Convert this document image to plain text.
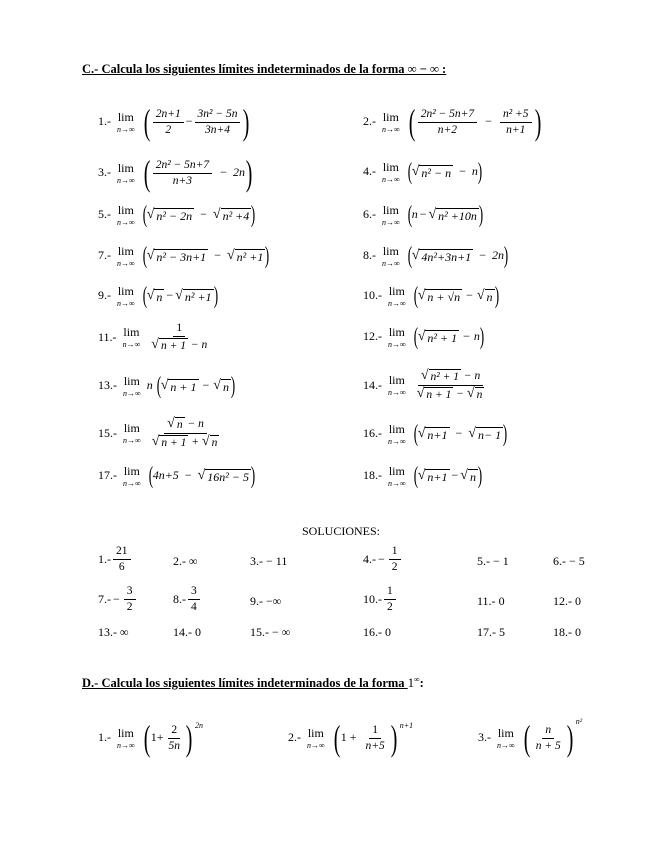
C.- Calcula los siguientes límites indeterminados de la forma ∞ − ∞ :
1.- lim
n→∞ ( $\frac{2n+1}{2} - \frac{\text{3n² − 5n}}{3n+4}$
)	2.- lim
n→∞ ( $\frac{\text{2n² − 5n+7}}{n+2} - \frac{\text{n² +5}}{n+1}$
)
3.- lim
n→∞ ( $\frac{\text{2n² − 5n+7}}{n+3} - 2n$
)	4.- lim
n→∞
( √ n² − n − n
)
5.- lim
n→∞
( √ n² − 2n − √ n² +4
)	6.- lim
n→∞
( n − √ n² +10n
)
7.- lim
n→∞
( √ n² − 3n+1 − √ n² +1
)	8.- lim
n→∞
( √ 4n²+3n+1 − 2n
)
9.- lim
n→∞
( √ n − √ n² +1
)	10.- lim
n→∞
( √ n + √n − √ n
)
11.- lim
$n\to\infty \frac{1}{√ n + 1 - n}$	12.- lim
n→∞
( √ n² + 1 − n
)
13.- lim
n→∞
n ( √ n + 1 − √ n
)	14.- lim
$n\to\infty \frac{\text{√ n² + 1 − n}}{√ n + 1 - √ n}$
15.- lim
$n\to\infty \frac{√ n - n}{√ n + 1 + √ n}$	16.- lim
n→∞
( √ n+1 − √ n− 1
)
17.- lim
n→∞
( 4n+5 − √ 16n² − 5
)	18.- lim
n→∞
( √ n+1 − √ n
)
SOLUCIONES:
$1.- \frac{21}{6}$	2.- ∞	3.- − 11	$4.- - \frac{1}{2}$	5.- − 1	6.- − 5
$7.- - \frac{3}{2}$	$8.- \frac{3}{4}$	9.- −∞	$10.- \frac{1}{2}$	11.- 0	12.- 0
13.- ∞	14.- 0	15.- − ∞	16.- 0	17.- 5	18.- 0
D.- Calcula los siguientes límites indeterminados de la forma 1∞:
1.- lim
n→∞
( $1+ \frac{2}{5n}$
) 2n
2.- lim
n→∞
( $1 + \frac{1}{n+5}$
) n+1
3.- lim
n→∞ ( $\frac{n}{n + 5}$
)
n²
